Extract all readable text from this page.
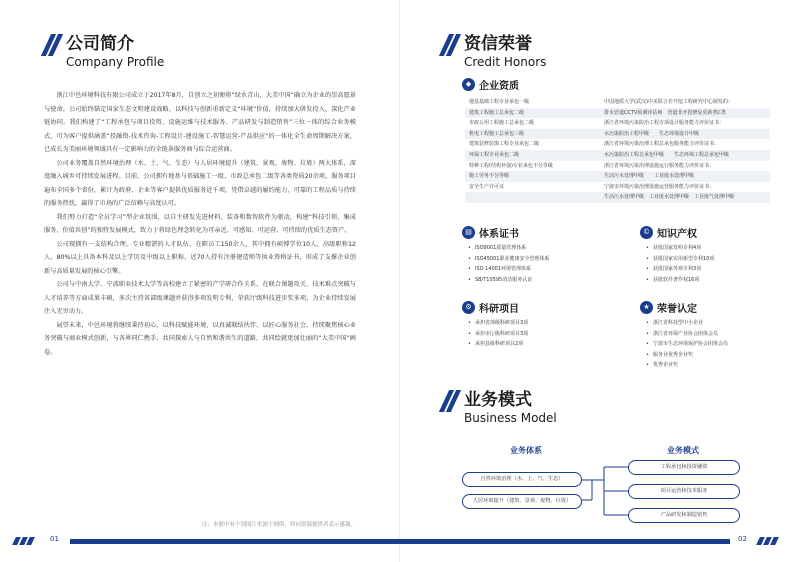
公司简介
Company Profile

浙江中邑环境科技有限公司成立于2017年8月，自创立之初便将“绿水青山，大美中国”确立为企业的崇高愿景与使命。公司始终锚定国家生态文明建设战略，以科技与创新重新定义“环境”价值，持续加大研发投入，深化产业链协同。我们构建了“工程承包与项目投资、设施运维与技术服务、产品研发与制造销售”三位一体的综合业务模式，可为客户提供涵盖“投融资-技术咨询-工程设计-建设施工-智慧运营-产品供应”的一体化全生命周期解决方案，已成长为美丽环境领域具有一定影响力的全链条服务商与综合运营商。

公司业务覆盖自然环境治理（水、土、气、生态）与人居环境提升（建筑、景观、废物、垃圾）两大体系，深度融入城乡可持续发展进程。目前，公司拥有地基与基础施工一级、市政总承包二级等各类资质20余项，服务项目遍布全国多个省份，累计为政府、企业等客户提供优质服务近千项，凭借卓越的履约能力、可靠的工程品质与持续的服务热忱，赢得了市场的广泛信赖与高度认可。

我们努力打造“全员学习”型企业氛围，以自主研发先进材料、装备和数智软件为驱动，构建“科技引领、集成服务、价值共创”的独特发展模式，致力于将绿色理念转化为可亲近、可感知、可运营、可持续的优质生态资产。

公司现拥有一支结构合理、专业精湛的人才队伍，在职员工150余人，其中拥有硕博学位10人、高级职称12人，80%以上具备本科及以上学历及中级以上职称，近70人持有注册建造师等执业资格证书，形成了支撑企业创新与高质量发展的核心引擎。

公司与中南大学、宁波职业技术大学等高校建立了紧密的产学研合作关系，在联合课题攻关、技术难点突破与人才培养等方面成果丰硕，多次主持省部级课题并获得多项发明专利，荣获厅级科技进步奖多项，为企业持续发展注入无穷动力。

展望未来，中邑环境将继续秉持初心，以科技赋能环境，以真诚联结伙伴，以匠心服务社会，持续聚焦核心业务突破与商业模式创新，与各界同仁携手，共同探索人与自然和谐共生的道路，共同绘就更加壮丽的“大美中国”画卷。

注：本册中有个别图片来源于网络，特向资源提供者表示感谢。
01
资信荣誉
Credit Honors
◆ 企业资质
地基基础工程专业承包一级	中国地质大学(武汉)中美联合非开挖工程研究中心颁发的：
建筑工程施工总承包二级	排水管道CCTV检测评估师　管道非开挖修复更新类C类
市政公用工程施工总承包二级	浙江省环境污染防治工程专项设计服务能力评价证书：
机电工程施工总承包三级	水污染防治工程甲级　　生态环境设计甲级
建筑装修装饰工程专业承包二级	浙江省环境污染治理工程总承包服务能力评价证书：
环保工程专业承包二级	水污染防治工程总承包甲级　　生态环境工程总承包甲级
特种工程(结构补强)专业承包不分等级	浙江省环境污染治理设施运行服务能力评价证书：
施工劳务不分等级	生活污水处理甲级　　工业废水处理甲级
安全生产许可证	宁波市环境污染治理设施运营服务能力评价证书：
生活污水处理甲级　工业废水处理甲级　工业废气处理甲级
▤ 体系证书
• ISO9001质量管理体系
• ISO45001职业健康安全管理体系
• ISO 14001环境管理体系
• SB/T10595清洁服务认证
© 知识产权
• 获批国家发明专利4项
• 获批国家实用新型专利10项
• 获批国家外观专利3项
• 获批软件著作权16项
⚙ 科研项目
• 承担省部级科研项目3项
• 承担市厅级科研项目3项
• 承担县级科研项目2项
★ 荣誉认定
• 浙江省科技型中小企业
• 浙江省环保产业协会团体会员
• 宁波市生态环境保护协会团体会员
• 服务业优秀企业奖
• 优秀企业奖
业务模式
Business Model
业务体系	业务模式
自然环境治理（水、土、气、生态）
人居环境提升（建筑、景观、废物、垃圾）
工程承包和投资融资
项目运营和技术服务
产品研发和制造销售
02
